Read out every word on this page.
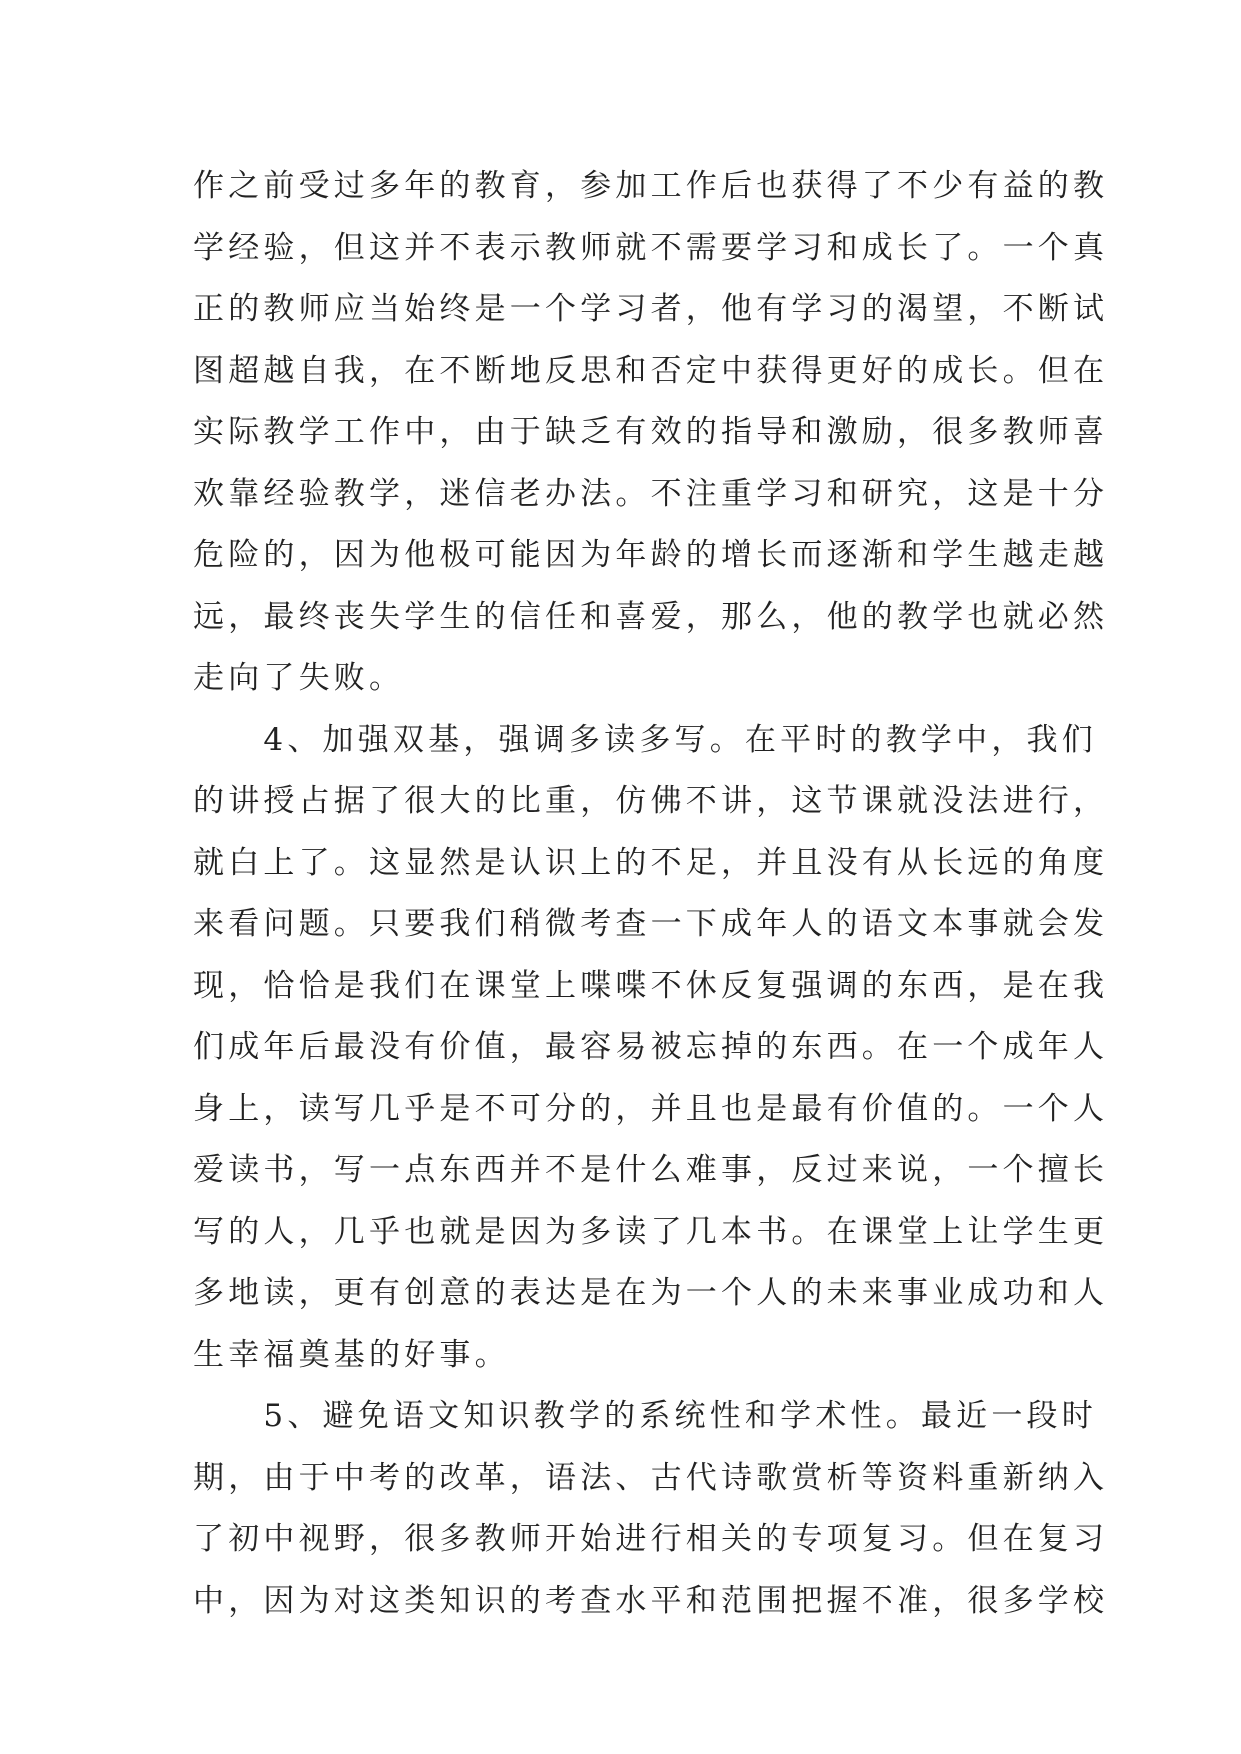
作之前受过多年的教育，参加工作后也获得了不少有益的教
学经验，但这并不表示教师就不需要学习和成长了。一个真
正的教师应当始终是一个学习者，他有学习的渴望，不断试
图超越自我，在不断地反思和否定中获得更好的成长。但在
实际教学工作中，由于缺乏有效的指导和激励，很多教师喜
欢靠经验教学，迷信老办法。不注重学习和研究，这是十分
危险的，因为他极可能因为年龄的增长而逐渐和学生越走越
远，最终丧失学生的信任和喜爱，那么，他的教学也就必然
走向了失败。
　　4、加强双基，强调多读多写。在平时的教学中，我们
的讲授占据了很大的比重，仿佛不讲，这节课就没法进行，
就白上了。这显然是认识上的不足，并且没有从长远的角度
来看问题。只要我们稍微考查一下成年人的语文本事就会发
现，恰恰是我们在课堂上喋喋不休反复强调的东西，是在我
们成年后最没有价值，最容易被忘掉的东西。在一个成年人
身上，读写几乎是不可分的，并且也是最有价值的。一个人
爱读书，写一点东西并不是什么难事，反过来说，一个擅长
写的人，几乎也就是因为多读了几本书。在课堂上让学生更
多地读，更有创意的表达是在为一个人的未来事业成功和人
生幸福奠基的好事。
　　5、避免语文知识教学的系统性和学术性。最近一段时
期，由于中考的改革，语法、古代诗歌赏析等资料重新纳入
了初中视野，很多教师开始进行相关的专项复习。但在复习
中，因为对这类知识的考查水平和范围把握不准，很多学校
